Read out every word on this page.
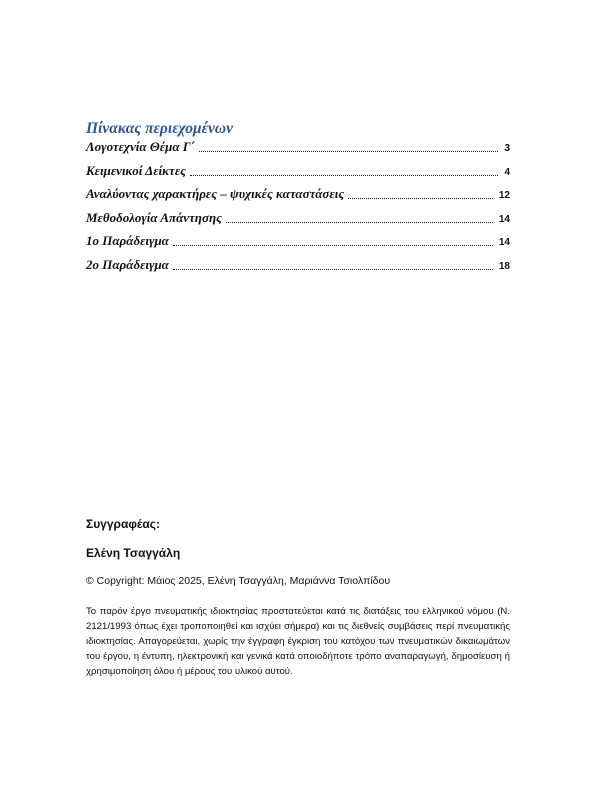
Πίνακας περιεχομένων
Λογοτεχνία Θέμα Γ΄	3
Κειμενικοί Δείκτες	4
Αναλύοντας χαρακτήρες – ψυχικές καταστάσεις	12
Μεθοδολογία Απάντησης	14
1ο Παράδειγμα	14
2ο Παράδειγμα	18

Συγγραφέας:

Ελένη Τσαγγάλη

© Copyright: Μάιος 2025, Ελένη Τσαγγάλη, Μαριάννα Τσιολπίδου

Το παρόν έργο πνευματικής ιδιοκτησίας προστατεύεται κατά τις διατάξεις του ελληνικού νόμου (Ν. 2121/1993 όπως έχει τροποποιηθεί και ισχύει σήμερα) και τις διεθνείς συμβάσεις περί πνευματικής ιδιοκτησίας. Απαγορεύεται, χωρίς την έγγραφη έγκριση του κατόχου των πνευματικών δικαιωμάτων του έργου, η έντυπη, ηλεκτρονική και γενικά κατά οποιοδήποτε τρόπο αναπαραγωγή, δημοσίευση ή χρησιμοποίηση όλου ή μέρους του υλικού αυτού.
